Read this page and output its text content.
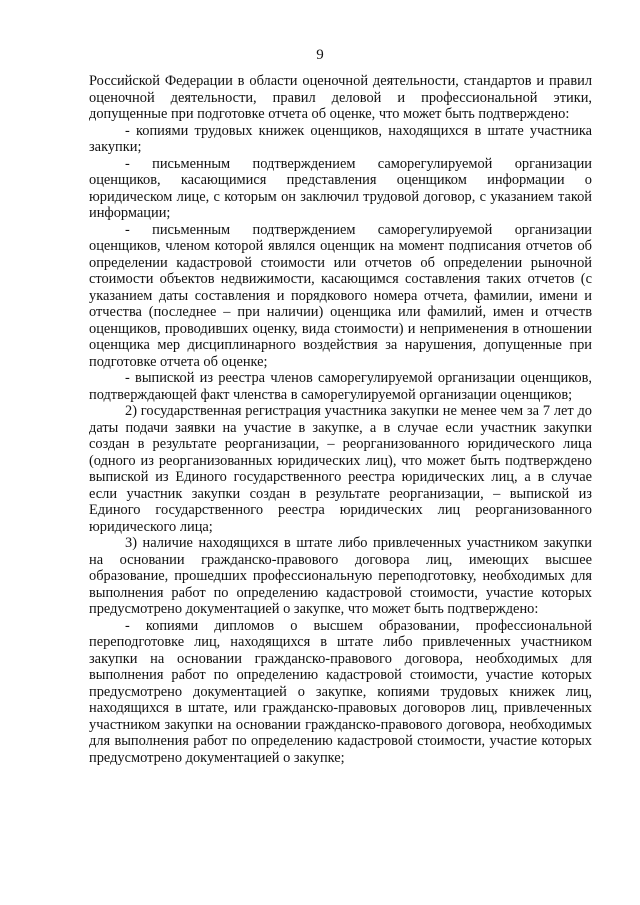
9

Российской Федерации в области оценочной деятельности, стандартов и правил оценочной деятельности, правил деловой и профессиональной этики, допущенные при подготовке отчета об оценке, что может быть подтверждено:

- копиями трудовых книжек оценщиков, находящихся в штате участника закупки;

- письменным подтверждением саморегулируемой организации оценщиков, касающимися представления оценщиком информации о юридическом лице, с которым он заключил трудовой договор, с указанием такой информации;

- письменным подтверждением саморегулируемой организации оценщиков, членом которой являлся оценщик на момент подписания отчетов об определении кадастровой стоимости или отчетов об определении рыночной стоимости объектов недвижимости, касающимся составления таких отчетов (с указанием даты составления и порядкового номера отчета, фамилии, имени и отчества (последнее – при наличии) оценщика или фамилий, имен и отчеств оценщиков, проводивших оценку, вида стоимости) и неприменения в отношении оценщика мер дисциплинарного воздействия за нарушения, допущенные при подготовке отчета об оценке;

- выпиской из реестра членов саморегулируемой организации оценщиков, подтверждающей факт членства в саморегулируемой организации оценщиков;

2) государственная регистрация участника закупки не менее чем за 7 лет до даты подачи заявки на участие в закупке, а в случае если участник закупки создан в результате реорганизации, – реорганизованного юридического лица (одного из реорганизованных юридических лиц), что может быть подтверждено выпиской из Единого государственного реестра юридических лиц, а в случае если участник закупки создан в результате реорганизации, – выпиской из Единого государственного реестра юридических лиц реорганизованного юридического лица;

3) наличие находящихся в штате либо привлеченных участником закупки на основании гражданско-правового договора лиц, имеющих высшее образование, прошедших профессиональную переподготовку, необходимых для выполнения работ по определению кадастровой стоимости, участие которых предусмотрено документацией о закупке, что может быть подтверждено:

- копиями дипломов о высшем образовании, профессиональной переподготовке лиц, находящихся в штате либо привлеченных участником закупки на основании гражданско-правового договора, необходимых для выполнения работ по определению кадастровой стоимости, участие которых предусмотрено документацией о закупке, копиями трудовых книжек лиц, находящихся в штате, или гражданско-правовых договоров лиц, привлеченных участником закупки на основании гражданско-правового договора, необходимых для выполнения работ по определению кадастровой стоимости, участие которых предусмотрено документацией о закупке;
